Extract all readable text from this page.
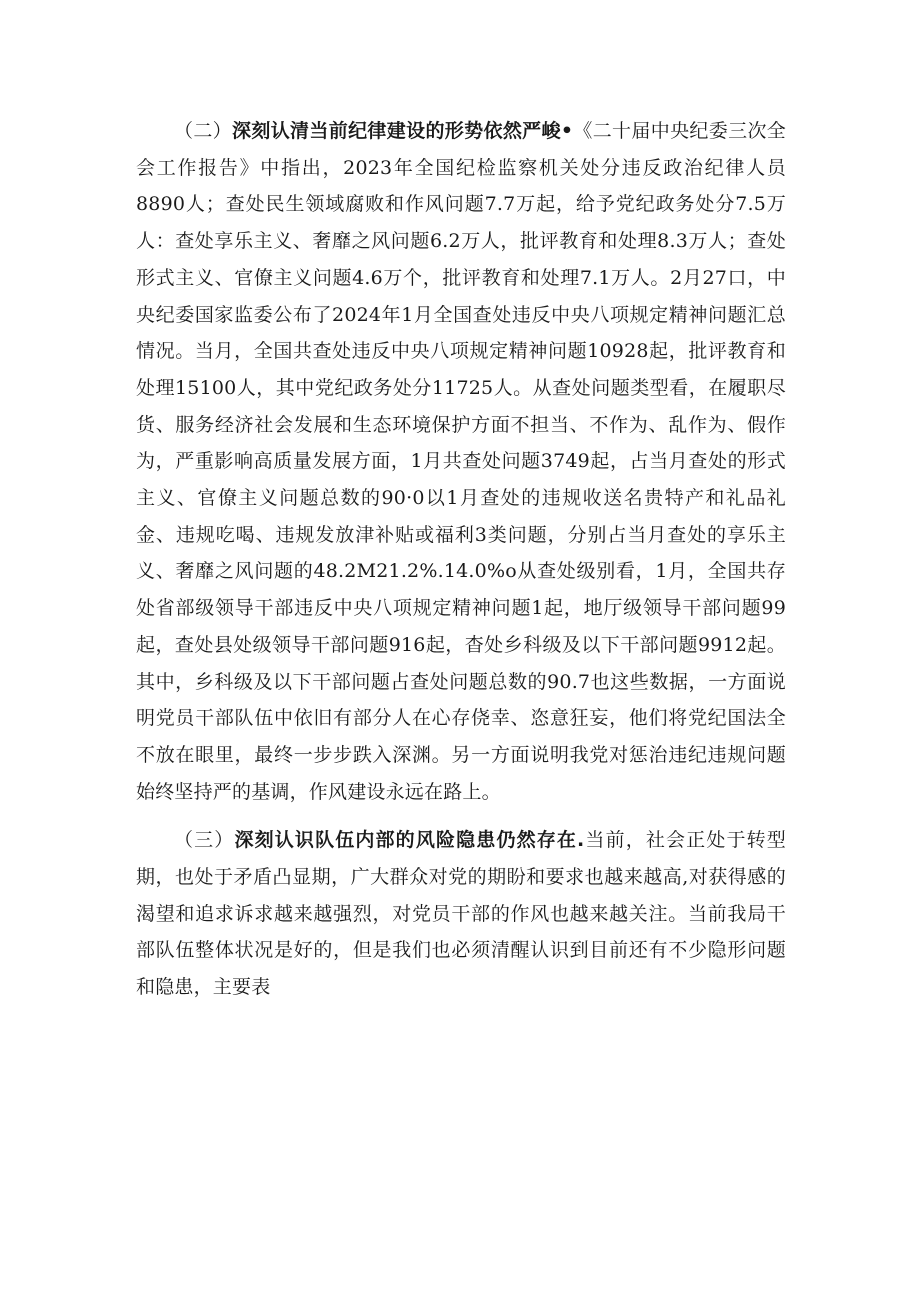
（二）深刻认清当前纪律建设的形势依然严峻•《二十届中央纪委三次全会工作报告》中指出，2023年全国纪检监察机关处分违反政治纪律人员8890人；查处民生领域腐败和作风问题7.7万起，给予党纪政务处分7.5万人：查处享乐主义、奢靡之风问题6.2万人，批评教育和处理8.3万人；查处形式主义、官僚主义问题4.6万个，批评教育和处理7.1万人。2月27口，中央纪委国家监委公布了2024年1月全国查处违反中央八项规定精神问题汇总情况。当月，全国共查处违反中央八项规定精神问题10928起，批评教育和处理15100人，其中党纪政务处分11725人。从查处问题类型看，在履职尽货、服务经济社会发展和生态环境保护方面不担当、不作为、乱作为、假作为，严重影响高质量发展方面，1月共查处问题3749起，占当月查处的形式主义、官僚主义问题总数的90·0以1月查处的违规收送名贵特产和礼品礼金、违规吃喝、违规发放津补贴或福利3类问题，分别占当月查处的享乐主义、奢靡之风问题的48.2M21.2%.14.0%o从查处级别看，1月，全国共存处省部级领导干部违反中央八项规定精神问题1起，地厅级领导干部问题99起，查处县处级领导干部问题916起，杳处乡科级及以下干部问题9912起。其中，乡科级及以下干部问题占查处问题总数的90.7也这些数据，一方面说明党员干部队伍中依旧有部分人在心存侥幸、恣意狂妄，他们将党纪国法全不放在眼里，最终一步步跌入深渊。另一方面说明我党对惩治违纪违规问题始终坚持严的基调，作风建设永远在路上。

（三）深刻认识队伍内部的风险隐患仍然存在.当前，社会正处于转型期，也处于矛盾凸显期，广大群众对党的期盼和要求也越来越高,对获得感的渴望和追求诉求越来越强烈，对党员干部的作风也越来越关注。当前我局干部队伍整体状况是好的，但是我们也必须清醒认识到目前还有不少隐形问题和隐患，主要表
